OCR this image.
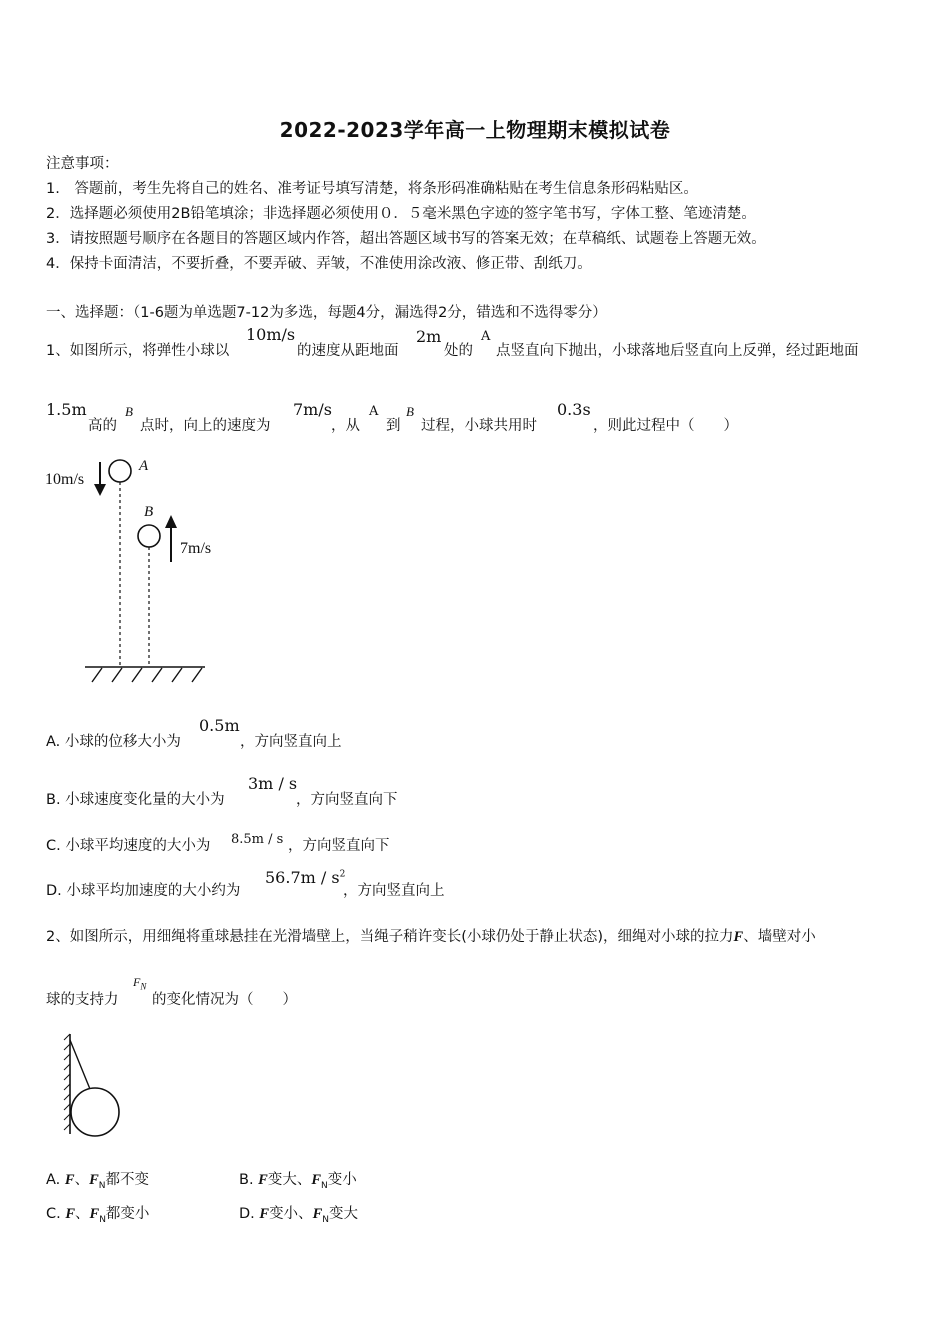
2022-2023学年高一上物理期末模拟试卷
注意事项：
1.　答题前，考生先将自己的姓名、准考证号填写清楚，将条形码准确粘贴在考生信息条形码粘贴区。
2．选择题必须使用2B铅笔填涂；非选择题必须使用０．５毫米黑色字迹的签字笔书写，字体工整、笔迹清楚。
3．请按照题号顺序在各题目的答题区域内作答，超出答题区域书写的答案无效；在草稿纸、试题卷上答题无效。
4．保持卡面清洁，不要折叠，不要弄破、弄皱，不准使用涂改液、修正带、刮纸刀。
一、选择题：（1-6题为单选题7-12为多选，每题4分，漏选得2分，错选和不选得零分）
1、如图所示，将弹性小球以
10m/s
的速度从距地面
2m
处的
A
点竖直向下抛出，小球落地后竖直向上反弹，经过距地面
1.5m
高的
B
点时，向上的速度为
7m/s
，从
A
到
B
过程，小球共用时
0.3s
，则此过程中（　　）
10m/s
A
B
7m/s
A. 小球的位移大小为
0.5m
，方向竖直向上
B. 小球速度变化量的大小为
3m / s
，方向竖直向下
C. 小球平均速度的大小为 8.5m / s ，方向竖直向下
D. 小球平均加速度的大小约为
$56.7m / s^2$
，方向竖直向上
2、如图所示，用细绳将重球悬挂在光滑墙壁上，当绳子稍许变长(小球仍处于静止状态)，细绳对小球的拉力F、墙壁对小
球的支持力
$F_N$
的变化情况为（　　）
A. F、$F_N$都不变	B. F变大、$F_N$变小
C. F、$F_N$都变小	D. F变小、$F_N$变大
